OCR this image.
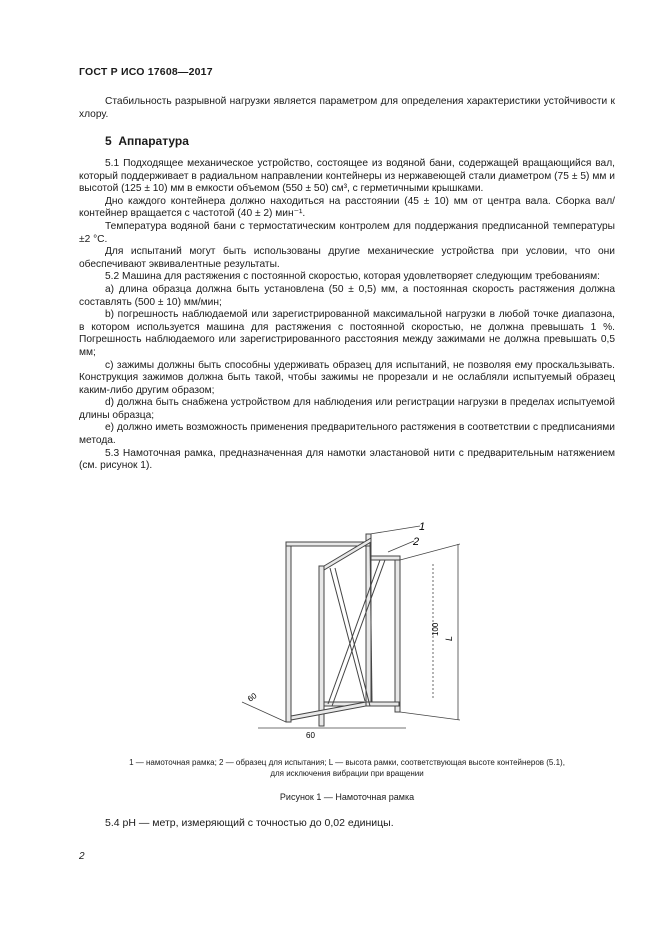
ГОСТ Р ИСО 17608—2017

Стабильность разрывной нагрузки является параметром для определения характеристики устойчивости к хлору.

5 Аппаратура

5.1 Подходящее механическое устройство, состоящее из водяной бани, содержащей вращающийся вал, который поддерживает в радиальном направлении контейнеры из нержавеющей стали диаметром (75 ± 5) мм и высотой (125 ± 10) мм в емкости объемом (550 ± 50) см³, с герметичными крышками.

Дно каждого контейнера должно находиться на расстоянии (45 ± 10) мм от центра вала. Сборка вал/контейнер вращается с частотой (40 ± 2) мин⁻¹.

Температура водяной бани с термостатическим контролем для поддержания предписанной температуры ±2 °С.

Для испытаний могут быть использованы другие механические устройства при условии, что они обеспечивают эквивалентные результаты.

5.2 Машина для растяжения с постоянной скоростью, которая удовлетворяет следующим требованиям:

a) длина образца должна быть установлена (50 ± 0,5) мм, а постоянная скорость растяжения должна составлять (500 ± 10) мм/мин;

b) погрешность наблюдаемой или зарегистрированной максимальной нагрузки в любой точке диапазона, в котором используется машина для растяжения с постоянной скоростью, не должна превышать 1 %. Погрешность наблюдаемого или зарегистрированного расстояния между зажимами не должна превышать 0,5 мм;

c) зажимы должны быть способны удерживать образец для испытаний, не позволяя ему проскальзывать. Конструкция зажимов должна быть такой, чтобы зажимы не прорезали и не ослабляли испытуемый образец каким-либо другим образом;

d) должна быть снабжена устройством для наблюдения или регистрации нагрузки в пределах испытуемой длины образца;

e) должно иметь возможность применения предварительного растяжения в соответствии с предписаниями метода.

5.3 Намоточная рамка, предназначенная для намотки эластановой нити с предварительным натяжением (см. рисунок 1).

1
2
100
L
60
60
1 — намоточная рамка; 2 — образец для испытания; L — высота рамки, соответствующая высоте контейнеров (5.1),
для исключения вибрации при вращении
Рисунок 1 — Намоточная рамка
5.4 pH — метр, измеряющий с точностью до 0,02 единицы.
2
